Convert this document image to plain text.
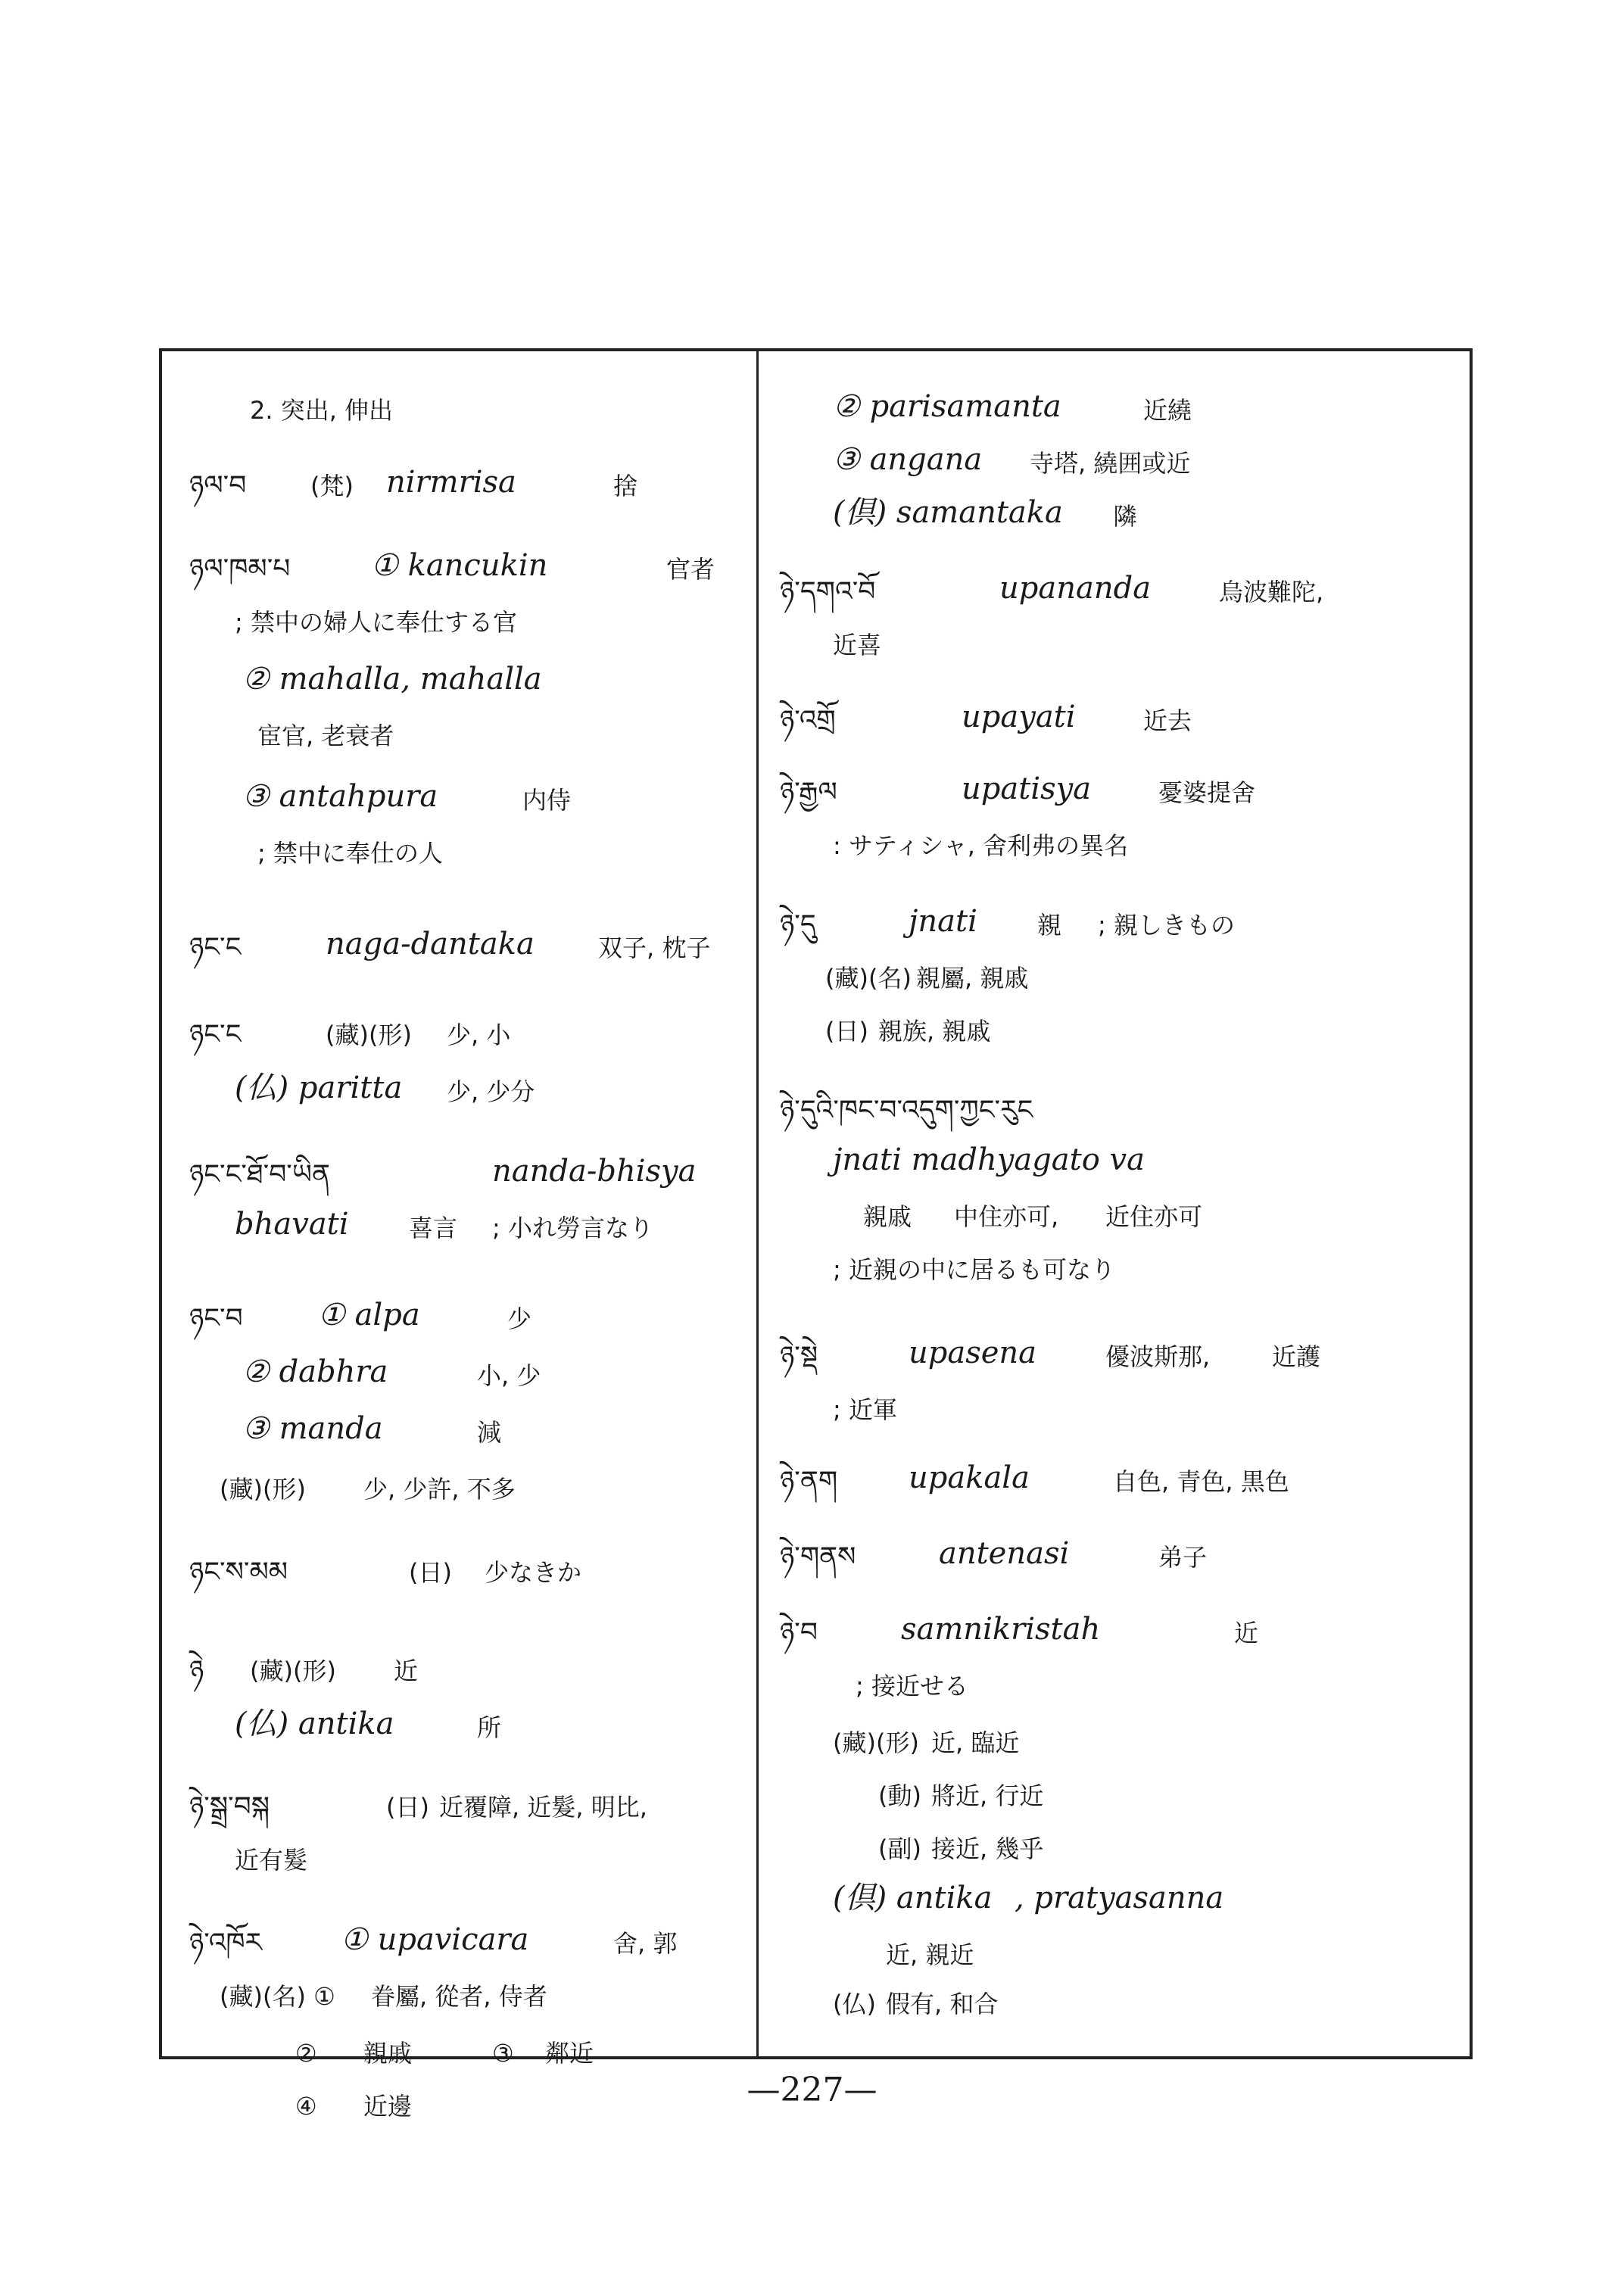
2. 突出, 伸出
ཉལ་བ	(梵) nirmrisa	捨
ཉལ་ཁམ་པ	① kancukin	官者
; 禁中の婦人に奉仕する官
② mahalla, mahalla
宦官, 老衰者
③ antahpura	内侍
; 禁中に奉仕の人
ཉང་ང	naga-dantaka	双子, 枕子
ཉང་ང	(藏)(形) 少, 小
(仏) paritta 少, 少分
ཉང་ང་ཐོ་བ་ཡིན	nanda-bhisya
bhavati 喜言 ; 小れ勞言なり
ཉང་བ ① alpa	少
② dabhra	小, 少
③ manda	減
(藏)(形) 少, 少許, 不多
ཉང་ས་མམ	(日) 少なきか
ཉེ (藏)(形) 近
(仏) antika	所
ཉེ་སྒྲ་བསྐ	(日) 近覆障, 近髮, 明比,
近有髮
ཉེ་འཁོར	① upavicara	舍, 郭
(藏)(名) ① 眷屬, 從者, 侍者
② 親戚	③ 鄰近
④ 近邊
② parisamanta	近繞
③ angana 寺塔, 繞囲或近
(倶) samantaka 隣
ཉེ་དགའ་བོ	upananda	烏波難陀,
近喜
ཉེ་འགྲོ	upayati	近去
ཉེ་རྒྱལ	upatisya	憂婆提舍
: サティシャ, 舍利弗の異名
ཉེ་དུ	jnati 親 ; 親しきもの
(藏)(名) 親屬, 親戚
(日) 親族, 親戚
ཉེ་དུའི་ཁང་བ་འདུག་ཀྱང་རུང
jnati madhyagato va
親戚 中住亦可, 近住亦可
; 近親の中に居るも可なり
ཉེ་སྡེ	upasena	優波斯那,	近護
; 近軍
ཉེ་ནག upakala	自色, 青色, 黒色
ཉེ་གནས	antenasi	弟子
ཉེ་བ	samnikristah	近
; 接近せる
(藏)(形) 近, 臨近
(動) 將近, 行近
(副) 接近, 幾乎
(倶) antika , pratyasanna
近, 親近
(仏) 假有, 和合
—227—
